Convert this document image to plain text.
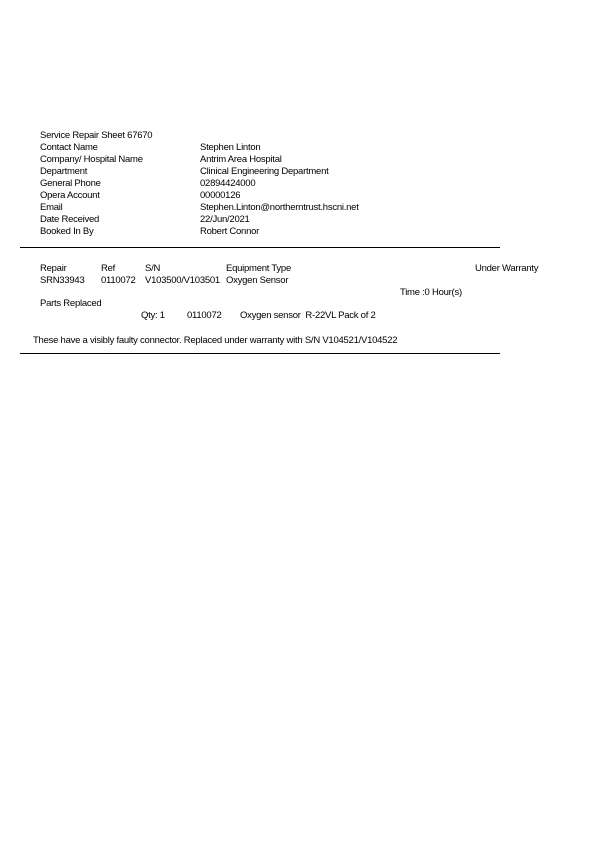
Service Repair Sheet 67670
Contact Name	Stephen Linton
Company/ Hospital Name	Antrim Area Hospital
Department	Clinical Engineering Department
General Phone	02894424000
Opera Account	00000126
Email	Stephen.Linton@northerntrust.hscni.net
Date Received	22/Jun/2021
Booked In By	Robert Connor
Repair	Ref	S/N	Equipment Type	Under Warranty
SRN33943 0110072 V103500/V103501 Oxygen Sensor
Time :0 Hour(s)
Parts Replaced
Qty: 1 0110072 Oxygen sensor  R-22VL Pack of 2
These have a visibly faulty connector. Replaced under warranty with S/N V104521/V104522
